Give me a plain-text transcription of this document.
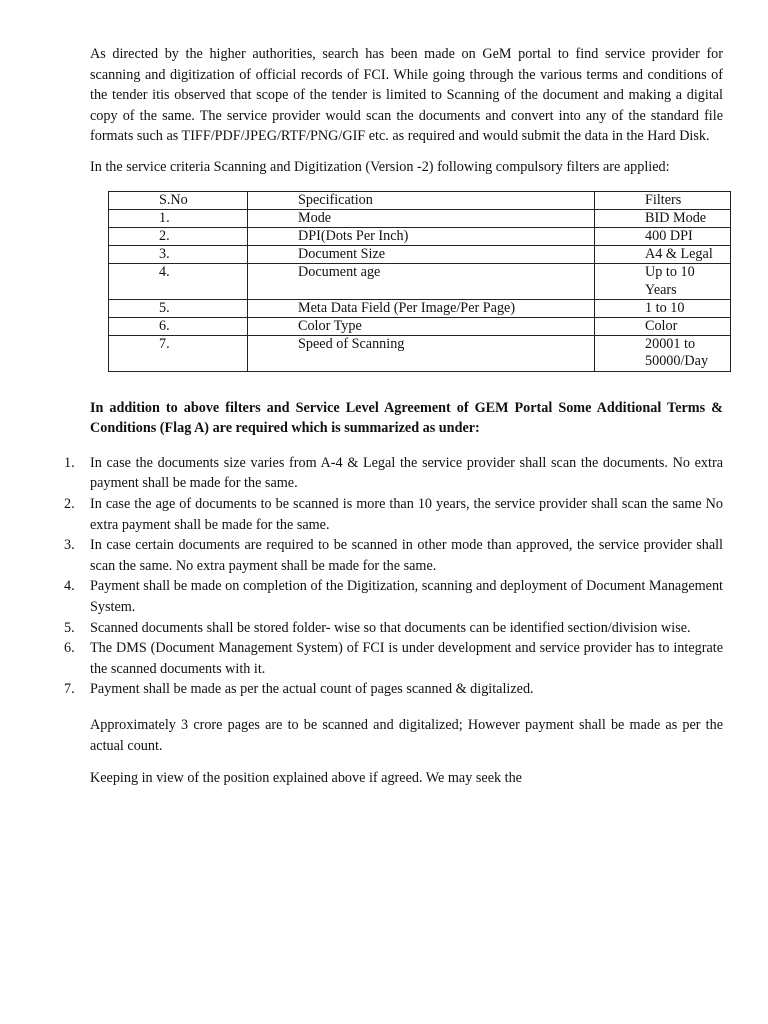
As directed by the higher authorities, search has been made on GeM portal to find service provider for scanning and digitization of official records of FCI. While going through the various terms and conditions of the tender itis observed that scope of the tender is limited to Scanning of the document and making a digital copy of the same. The service provider would scan the documents and convert into any of the standard file formats such as TIFF/PDF/JPEG/RTF/PNG/GIF etc. as required and would submit the data in the Hard Disk.

In the service criteria Scanning and Digitization (Version -2) following compulsory filters are applied:

S.No	Specification	Filters
1.	Mode	BID Mode
2.	DPI(Dots Per Inch)	400 DPI
3.	Document Size	A4 & Legal
4.	Document age	Up to 10 Years
5.	Meta Data Field (Per Image/Per Page)	1 to 10
6.	Color Type	Color
7.	Speed of Scanning	20001 to 50000/Day

In addition to above filters and Service Level Agreement of GEM Portal Some Additional Terms & Conditions (Flag A) are required which is summarized as under:

1.	In case the documents size varies from A-4 & Legal the service provider shall scan the documents. No extra payment shall be made for the same.
2.	In case the age of documents to be scanned is more than 10 years, the service provider shall scan the same No extra payment shall be made for the same.
3.	In case certain documents are required to be scanned in other mode than approved, the service provider shall scan the same. No extra payment shall be made for the same.
4.	Payment shall be made on completion of the Digitization, scanning and deployment of Document Management System.
5.	Scanned documents shall be stored folder- wise so that documents can be identified section/division wise.
6.	The DMS (Document Management System) of FCI is under development and service provider has to integrate the scanned documents with it.
7.	Payment shall be made as per the actual count of pages scanned & digitalized.

Approximately 3 crore pages are to be scanned and digitalized; However payment shall be made as per the actual count.

Keeping in view of the position explained above if agreed. We may seek the
